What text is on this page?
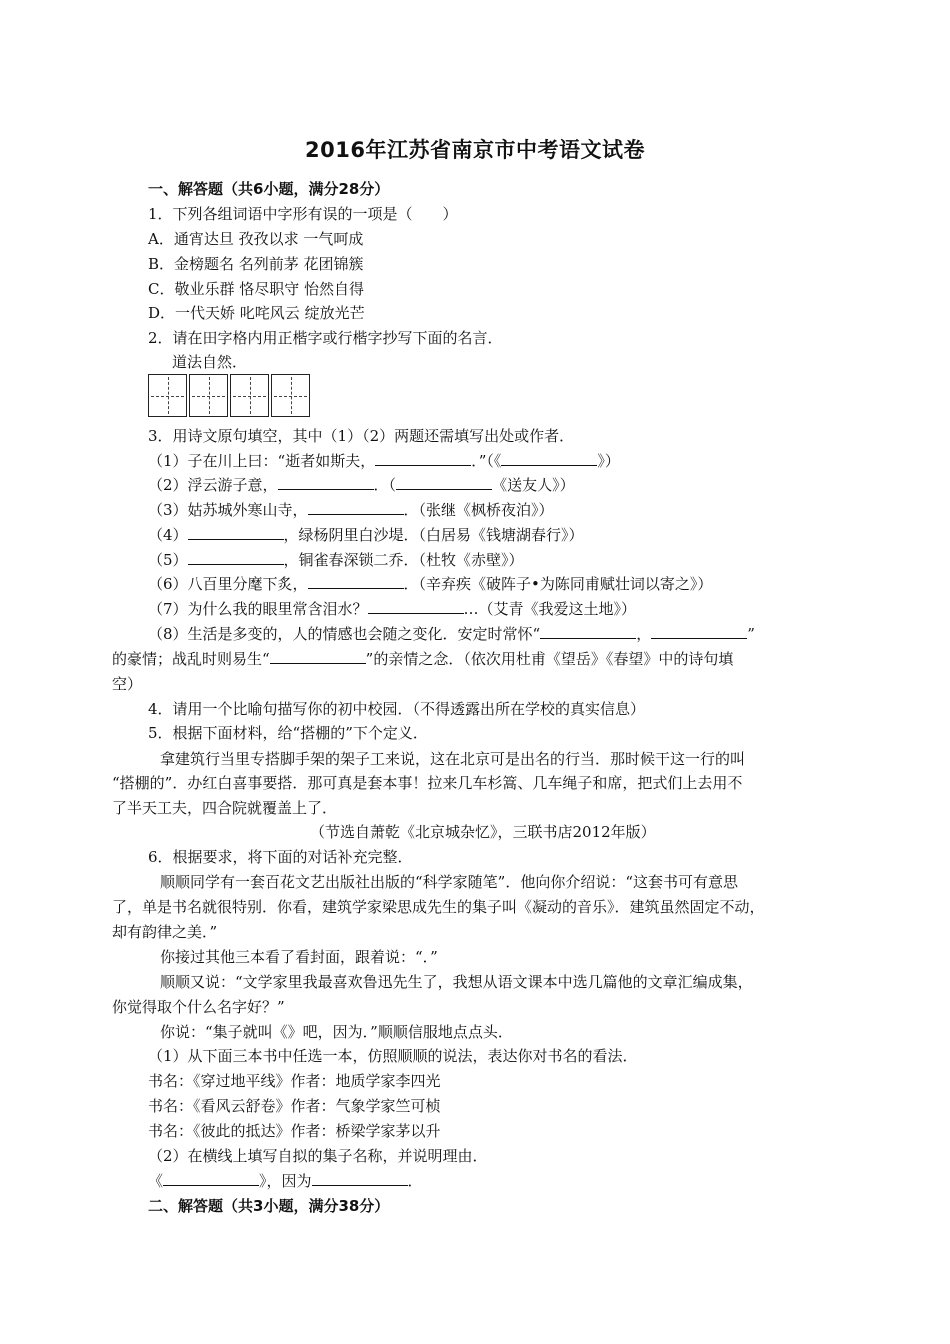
2016年江苏省南京市中考语文试卷
一、解答题（共6小题，满分28分）
1．下列各组词语中字形有误的一项是（　　）
A．通宵达旦 孜孜以求 一气呵成
B．金榜题名 名列前茅 花团锦簇
C．敬业乐群 恪尽职守 怡然自得
D．一代天娇 叱咤风云 绽放光芒
2．请在田字格内用正楷字或行楷字抄写下面的名言．
道法自然．
3．用诗文原句填空，其中（1）（2）两题还需填写出处或作者．
（1）子在川上曰：“逝者如斯夫，	．”（《	》）
（2）浮云游子意，	．（	《送友人》）
（3）姑苏城外寒山寺，	．（张继《枫桥夜泊》）
（4）	，绿杨阴里白沙堤．（白居易《钱塘湖春行》）
（5）	，铜雀春深锁二乔．（杜牧《赤壁》）
（6）八百里分麾下炙，	．（辛弃疾《破阵子•为陈同甫赋壮词以寄之》）
（7）为什么我的眼里常含泪水？	…（艾青《我爱这土地》）
（8）生活是多变的，人的情感也会随之变化．安定时常怀“	，	”
的豪情；战乱时则易生“	”的亲情之念．（依次用杜甫《望岳》《春望》中的诗句填
空）
4．请用一个比喻句描写你的初中校园．（不得透露出所在学校的真实信息）
5．根据下面材料，给“搭棚的”下个定义．
拿建筑行当里专搭脚手架的架子工来说，这在北京可是出名的行当．那时候干这一行的叫
“搭棚的”．办红白喜事要搭．那可真是套本事！拉来几车杉篙、几车绳子和席，把式们上去用不
了半天工夫，四合院就覆盖上了．
（节选自萧乾《北京城杂忆》，三联书店2012年版）
6．根据要求，将下面的对话补充完整．
顺顺同学有一套百花文艺出版社出版的“科学家随笔”．他向你介绍说：“这套书可有意思
了，单是书名就很特别．你看，建筑学家梁思成先生的集子叫《凝动的音乐》．建筑虽然固定不动，
却有韵律之美．”
你接过其他三本看了看封面，跟着说：“．”
顺顺又说：“文学家里我最喜欢鲁迅先生了，我想从语文课本中选几篇他的文章汇编成集，
你觉得取个什么名字好？”
你说：“集子就叫《》吧，因为．”顺顺信服地点点头．
（1）从下面三本书中任选一本，仿照顺顺的说法，表达你对书名的看法．
书名：《穿过地平线》作者：地质学家李四光
书名：《看风云舒卷》作者：气象学家竺可桢
书名：《彼此的抵达》作者：桥梁学家茅以升
（2）在横线上填写自拟的集子名称，并说明理由．
《	》，因为	．
二、解答题（共3小题，满分38分）
